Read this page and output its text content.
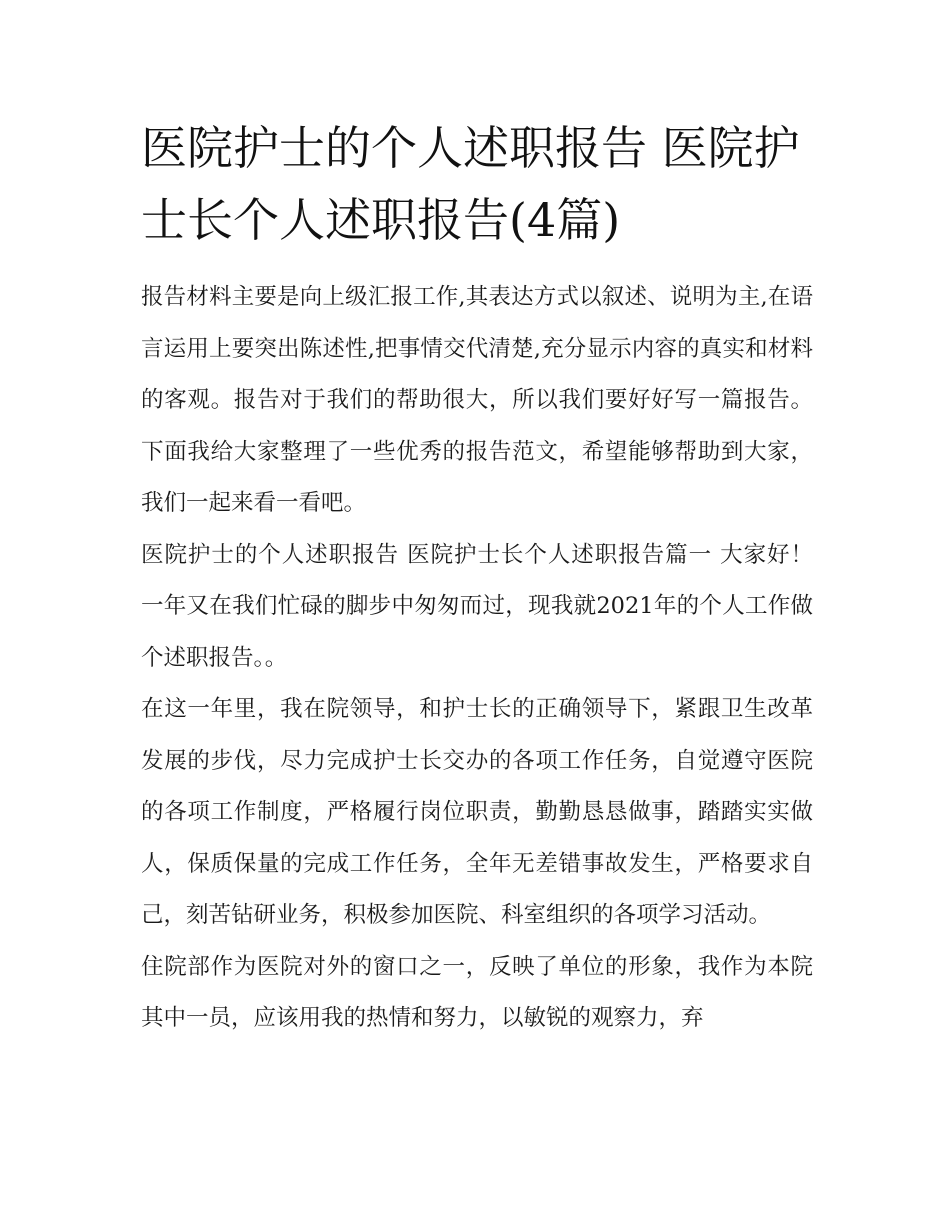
医院护士的个人述职报告 医院护士长个人述职报告(4篇)

报告材料主要是向上级汇报工作,其表达方式以叙述、说明为主,在语言运用上要突出陈述性,把事情交代清楚,充分显示内容的真实和材料的客观。报告对于我们的帮助很大，所以我们要好好写一篇报告。下面我给大家整理了一些优秀的报告范文，希望能够帮助到大家，我们一起来看一看吧。

医院护士的个人述职报告 医院护士长个人述职报告篇一 大家好！ 一年又在我们忙碌的脚步中匆匆而过，现我就2021年的个人工作做个述职报告。。

在这一年里，我在院领导，和护士长的正确领导下，紧跟卫生改革发展的步伐，尽力完成护士长交办的各项工作任务，自觉遵守医院的各项工作制度，严格履行岗位职责，勤勤恳恳做事，踏踏实实做人，保质保量的完成工作任务，全年无差错事故发生，严格要求自己，刻苦钻研业务，积极参加医院、科室组织的各项学习活动。

住院部作为医院对外的窗口之一，反映了单位的形象，我作为本院其中一员，应该用我的热情和努力，以敏锐的观察力，弃
